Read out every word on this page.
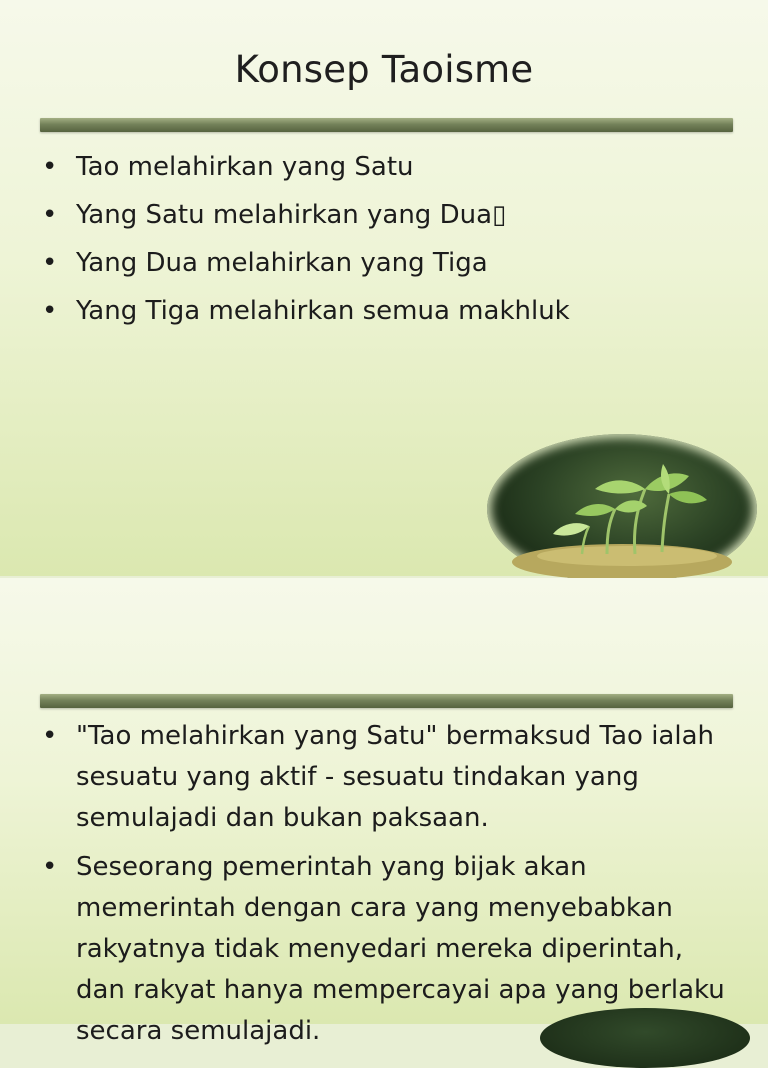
Konsep Taoisme
• Tao melahirkan yang Satu
• Yang Satu melahirkan yang Dua▯
• Yang Dua melahirkan yang Tiga
• Yang Tiga melahirkan semua makhluk
• "Tao melahirkan yang Satu" bermaksud Tao ialah sesuatu yang aktif - sesuatu tindakan yang semulajadi dan bukan paksaan.
• Seseorang pemerintah yang bijak akan memerintah dengan cara yang menyebabkan rakyatnya tidak menyedari mereka diperintah, dan rakyat hanya mempercayai apa yang berlaku secara semulajadi.
